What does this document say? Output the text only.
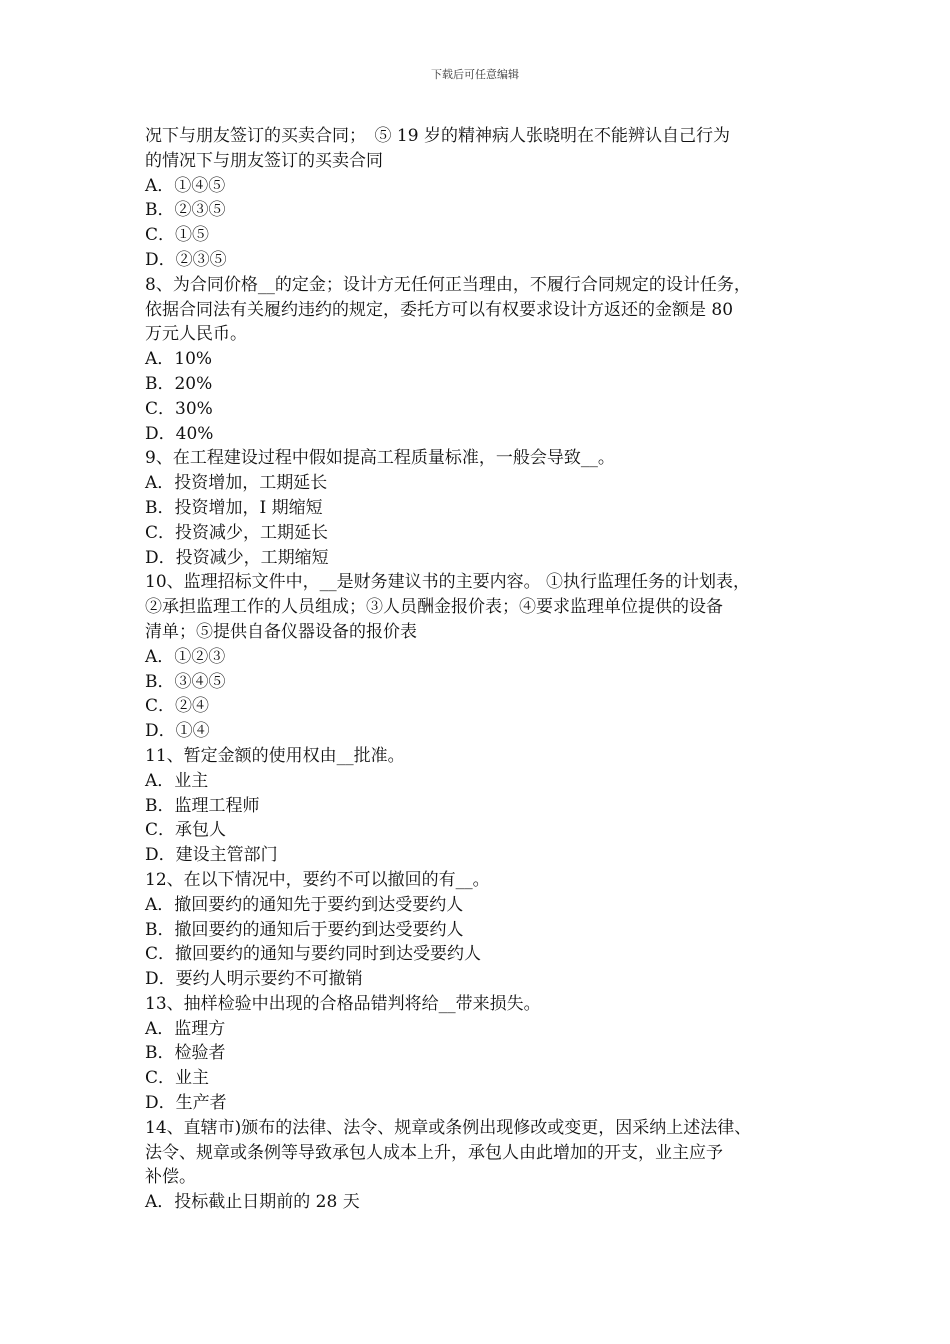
下载后可任意编辑
况下与朋友签订的买卖合同；　⑤ 19 岁的精神病人张晓明在不能辨认自己行为
的情况下与朋友签订的买卖合同
A．①④⑤
B．②③⑤
C．①⑤
D．②③⑤
8、为合同价格__的定金；设计方无任何正当理由，不履行合同规定的设计任务，
依据合同法有关履约违约的规定，委托方可以有权要求设计方返还的金额是 80
万元人民币。
A．10%
B．20%
C．30%
D．40%
9、在工程建设过程中假如提高工程质量标准，一般会导致__。
A．投资增加，工期延长
B．投资增加，I 期缩短
C．投资减少，工期延长
D．投资减少，工期缩短
10、监理招标文件中，__是财务建议书的主要内容。 ①执行监理任务的计划表，
②承担监理工作的人员组成；③人员酬金报价表；④要求监理单位提供的设备
清单；⑤提供自备仪器设备的报价表
A．①②③
B．③④⑤
C．②④
D．①④
11、暂定金额的使用权由__批准。
A．业主
B．监理工程师
C．承包人
D．建设主管部门
12、在以下情况中，要约不可以撤回的有__。
A．撤回要约的通知先于要约到达受要约人
B．撤回要约的通知后于要约到达受要约人
C．撤回要约的通知与要约同时到达受要约人
D．要约人明示要约不可撤销
13、抽样检验中出现的合格品错判将给__带来损失。
A．监理方
B．检验者
C．业主
D．生产者
14、直辖市)颁布的法律、法令、规章或条例出现修改或变更，因采纳上述法律、
法令、规章或条例等导致承包人成本上升，承包人由此增加的开支，业主应予
补偿。
A．投标截止日期前的 28 天
